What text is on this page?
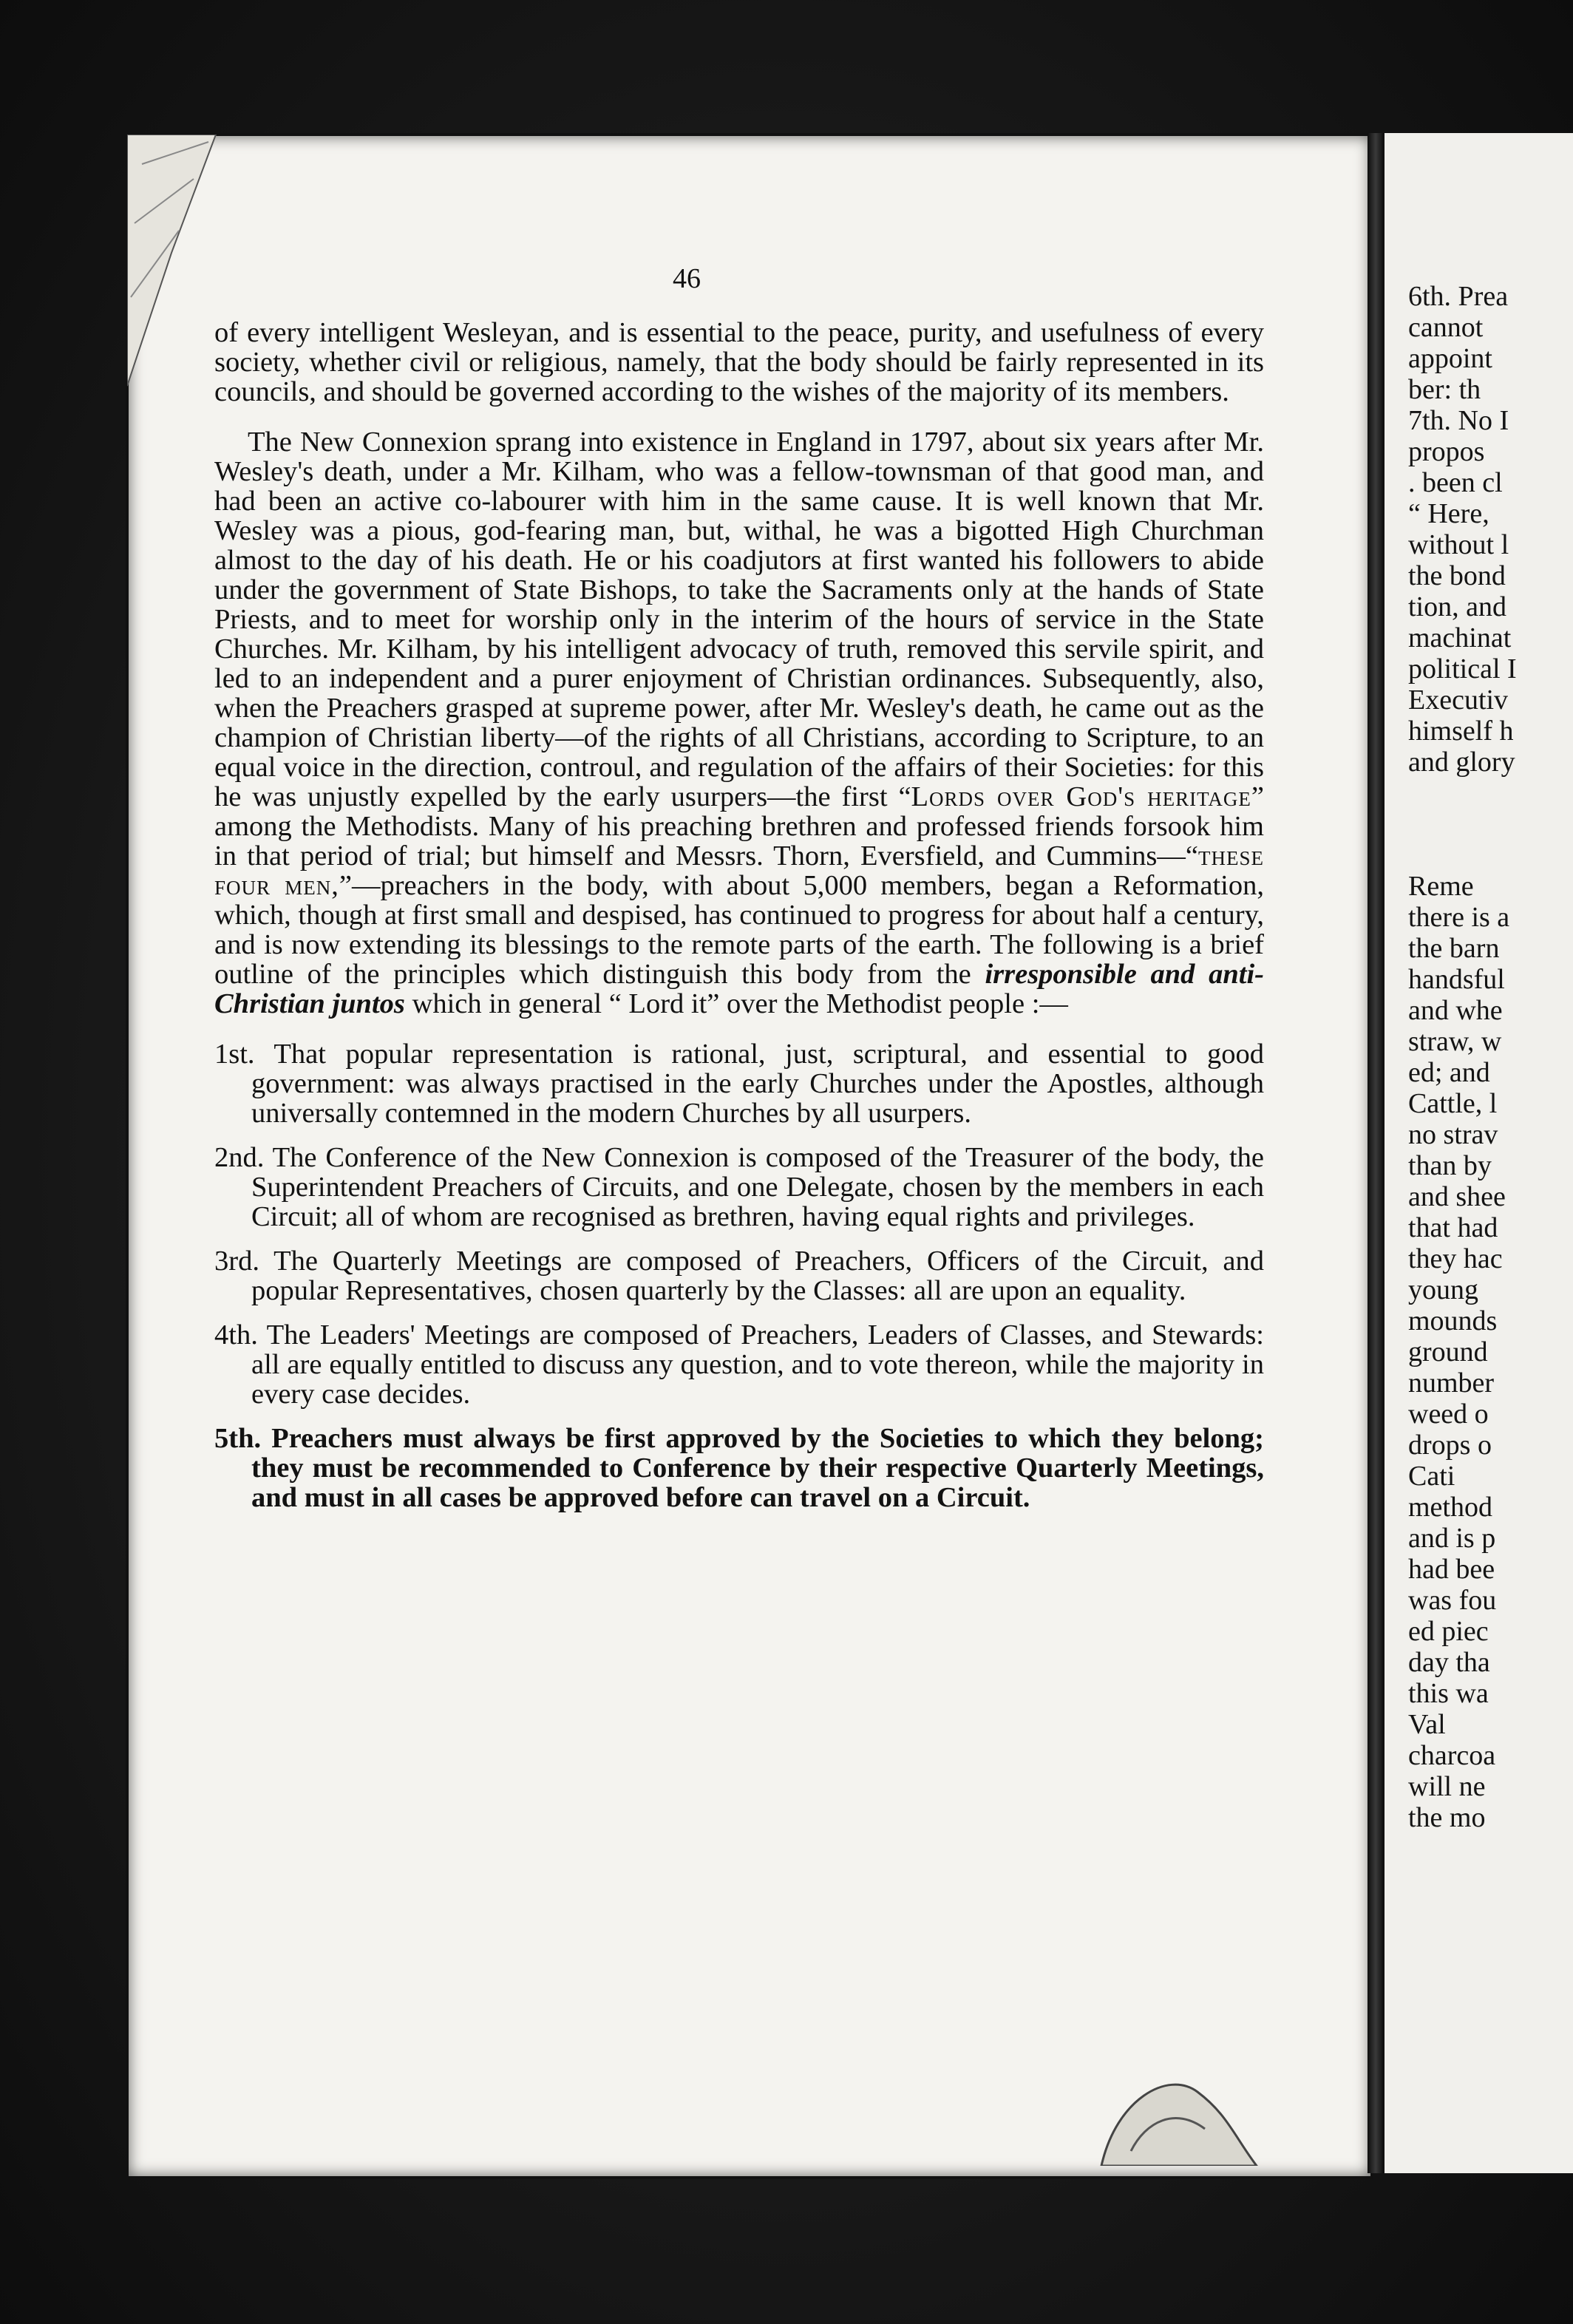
46

of every intelligent Wesleyan, and is essential to the peace, purity, and usefulness of every society, whether civil or religious, namely, that the body should be fairly represented in its councils, and should be governed according to the wishes of the majority of its members.

The New Connexion sprang into existence in England in 1797, about six years after Mr. Wesley's death, under a Mr. Kilham, who was a fellow-townsman of that good man, and had been an active co-labourer with him in the same cause. It is well known that Mr. Wesley was a pious, god-fearing man, but, withal, he was a bigotted High Churchman almost to the day of his death. He or his coadjutors at first wanted his followers to abide under the government of State Bishops, to take the Sacraments only at the hands of State Priests, and to meet for worship only in the interim of the hours of service in the State Churches. Mr. Kilham, by his intelligent advocacy of truth, removed this servile spirit, and led to an independent and a purer enjoyment of Christian ordinances. Subsequently, also, when the Preachers grasped at supreme power, after Mr. Wesley's death, he came out as the champion of Christian liberty—of the rights of all Christians, according to Scripture, to an equal voice in the direction, controul, and regulation of the affairs of their Societies: for this he was unjustly expelled by the early usurpers—the first “Lords over God's heritage” among the Methodists. Many of his preaching brethren and professed friends forsook him in that period of trial; but himself and Messrs. Thorn, Eversfield, and Cummins—“these four men,”—preachers in the body, with about 5,000 members, began a Reformation, which, though at first small and despised, has continued to progress for about half a century, and is now extending its blessings to the remote parts of the earth. The following is a brief outline of the principles which distinguish this body from the irresponsible and anti-Christian juntos which in general “ Lord it” over the Methodist people :—

1st. That popular representation is rational, just, scriptural, and essential to good government: was always practised in the early Churches under the Apostles, although universally contemned in the modern Churches by all usurpers.

2nd. The Conference of the New Connexion is composed of the Treasurer of the body, the Superintendent Preachers of Circuits, and one Delegate, chosen by the members in each Circuit; all of whom are recognised as brethren, having equal rights and privileges.

3rd. The Quarterly Meetings are composed of Preachers, Officers of the Circuit, and popular Representatives, chosen quarterly by the Classes: all are upon an equality.

4th. The Leaders' Meetings are composed of Preachers, Leaders of Classes, and Stewards: all are equally entitled to discuss any question, and to vote thereon, while the majority in every case decides.

5th. Preachers must always be first approved by the Societies to which they belong; they must be recommended to Conference by their respective Quarterly Meetings, and must in all cases be approved before can travel on a Circuit.

6th. Prea
cannot
appoint
ber: th
7th. No I
propos
. been cl
“ Here,
without l
the bond
tion, and
machinat
political I
Executiv
himself h
and glory
Reme
there is a
the barn
handsful
and whe
straw, w
ed; and
Cattle, l
no strav
than by
and shee
that had
they hac
young
mounds
ground
number
weed o
drops o
Cati
method
and is p
had bee
was fou
ed piec
day tha
this wa
Val
charcoa
will ne
the mo
